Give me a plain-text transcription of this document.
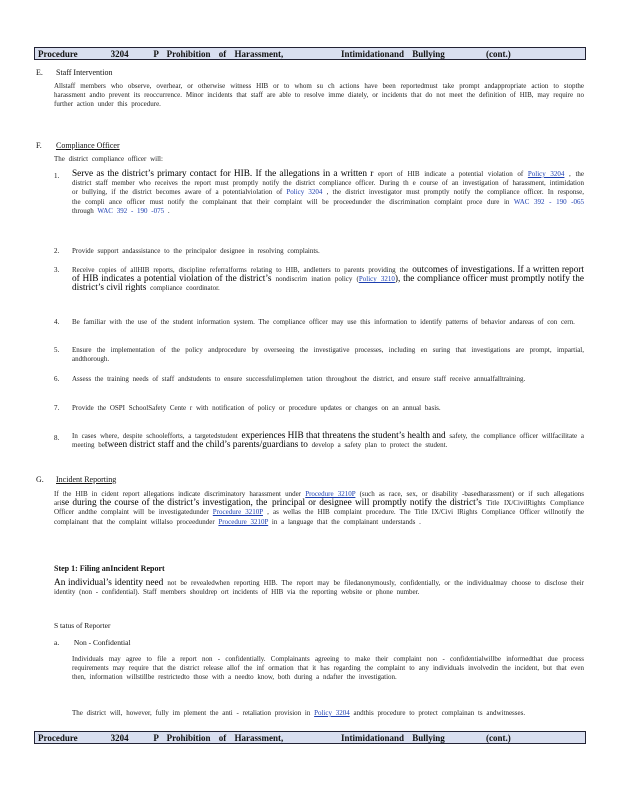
Procedure	3204	P Prohibition of Harassment,	Intimidationand Bullying	(cont.)
E. Staff Intervention
Allstaff members who observe, overhear, or otherwise witness HIB or to whom su ch actions have been reportedmust take prompt andappropriate action to stopthe harassment andto prevent its reoccurrence. Minor incidents that staff are able to resolve imme diately, or incidents that do not meet the definition of HIB, may require no further action under this procedure.
F. Compliance Officer
The district compliance officer will:
1. Serve as the district’s primary contact for HIB. If the allegations in a written r eport of HIB indicate a potential violation of Policy 3204 , the district staff member who receives the report must promptly notify the district compliance officer. During th e course of an investigation of harassment, intimidation or bullying, if the district becomes aware of a potentialviolation of Policy 3204 , the district investigator must promptly notify the compliance officer. In response, the compli ance officer must notify the complainant that their complaint will be proceedunder the discrimination complaint proce dure in WAC 392 - 190 -065 through WAC 392 - 190 -075 .
2. Provide support andassistance to the principalor designee in resolving complaints.
3. Receive copies of allHIB reports, discipline referralforms relating to HIB, andletters to parents providing the outcomes of investigations. If a written report of HIB indicates a potential violation of the district’s nondiscrim ination policy (Policy 3210), the compliance officer must promptly notify the district’s civil rights compliance coordinator.
4. Be familiar with the use of the student information system. The compliance officer may use this information to identify patterns of behavior andareas of con cern.
5. Ensure the implementation of the policy andprocedure by overseeing the investigative processes, including en suring that investigations are prompt, impartial, andthorough.
6. Assess the training needs of staff andstudents to ensure successfulimplemen tation throughout the district, and ensure staff receive annualfalltraining.
7. Provide the OSPI SchoolSafety Cente r with notification of policy or procedure updates or changes on an annual basis.
8. In cases where, despite schoolefforts, a targetedstudent experiences HIB that threatens the student’s health and safety, the compliance officer willfacilitate a meeting between district staff and the child’s parents/guardians to develop a safety plan to protect the student.
G. Incident Reporting
If the HIB in cident report allegations indicate discriminatory harassment under Procedure 3210P (such as race, sex, or disability -basedharassment) or if such allegations arise during the course of the district’s investigation, the principal or designee will promptly notify the district’s Title IX/CivilRights Compliance Officer andthe complaint will be investigatedunder Procedure 3210P , as wellas the HIB complaint procedure. The Title IX/Civi lRights Compliance Officer willnotify the complainant that the complaint willalso proceedunder Procedure 3210P in a language that the complainant understands .
Step 1: Filing anIncident Report
An individual’s identity need not be revealedwhen reporting HIB. The report may be filedanonymously, confidentially, or the individualmay choose to disclose their identity (non - confidential). Staff members shouldrep ort incidents of HIB via the reporting website or phone number.
S tatus of Reporter
a. Non - Confidential
Individuals may agree to file a report non - confidentially. Complainants agreeing to make their complaint non - confidentialwillbe informedthat due process requirements may require that the district release allof the inf ormation that it has regarding the complaint to any individuals involvedin the incident, but that even then, information willstillbe restrictedto those with a needto know, both during a ndafter the investigation.
The district will, however, fully im plement the anti - retaliation provision in Policy 3204 andthis procedure to protect complainan ts andwitnesses.
Procedure	3204	P Prohibition of Harassment,	Intimidationand Bullying	(cont.)
